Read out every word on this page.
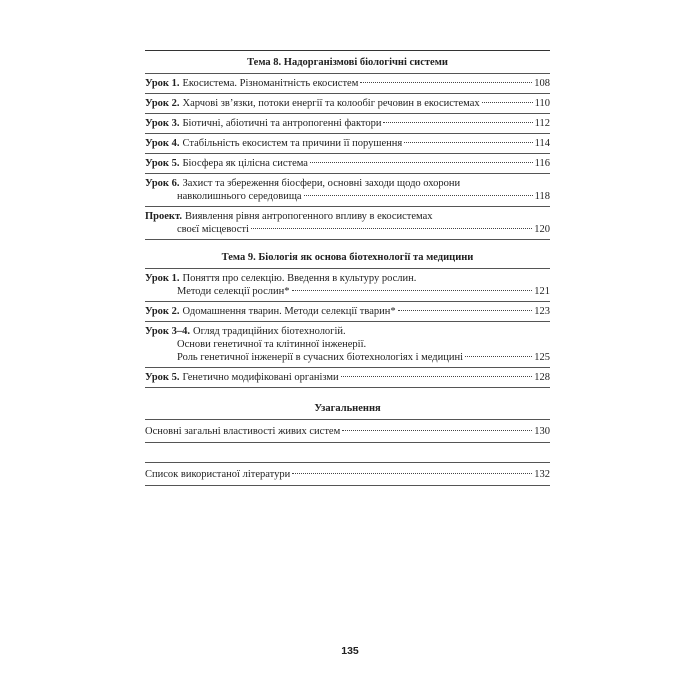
Тема 8. Надорганізмові біологічні системи
Урок 1. Екосистема. Різноманітність екосистем	108
Урок 2. Харчові зв’язки, потоки енергії та колообіг речовин в екосистемах	110
Урок 3. Біотичні, абіотичні та антропогенні фактори	112
Урок 4. Стабільність екосистем та причини її порушення	114
Урок 5. Біосфера як цілісна система	116
Урок 6. Захист та збереження біосфери, основні заходи щодо охорони
навколишнього середовища	118
Проект. Виявлення рівня антропогенного впливу в екосистемах
своєї місцевості	120
Тема 9. Біологія як основа біотехнології та медицини
Урок 1. Поняття про селекцію. Введення в культуру рослин.
Методи селекції рослин*	121
Урок 2. Одомашнення тварин. Методи селекції тварин*	123
Урок 3–4. Огляд традиційних біотехнологій.
Основи генетичної та клітинної інженерії.
Роль генетичної інженерії в сучасних біотехнологіях і медицині	125
Урок 5. Генетично модифіковані організми	128
Узагальнення
Основні загальні властивості живих систем	130
Список використаної літератури	132
135
